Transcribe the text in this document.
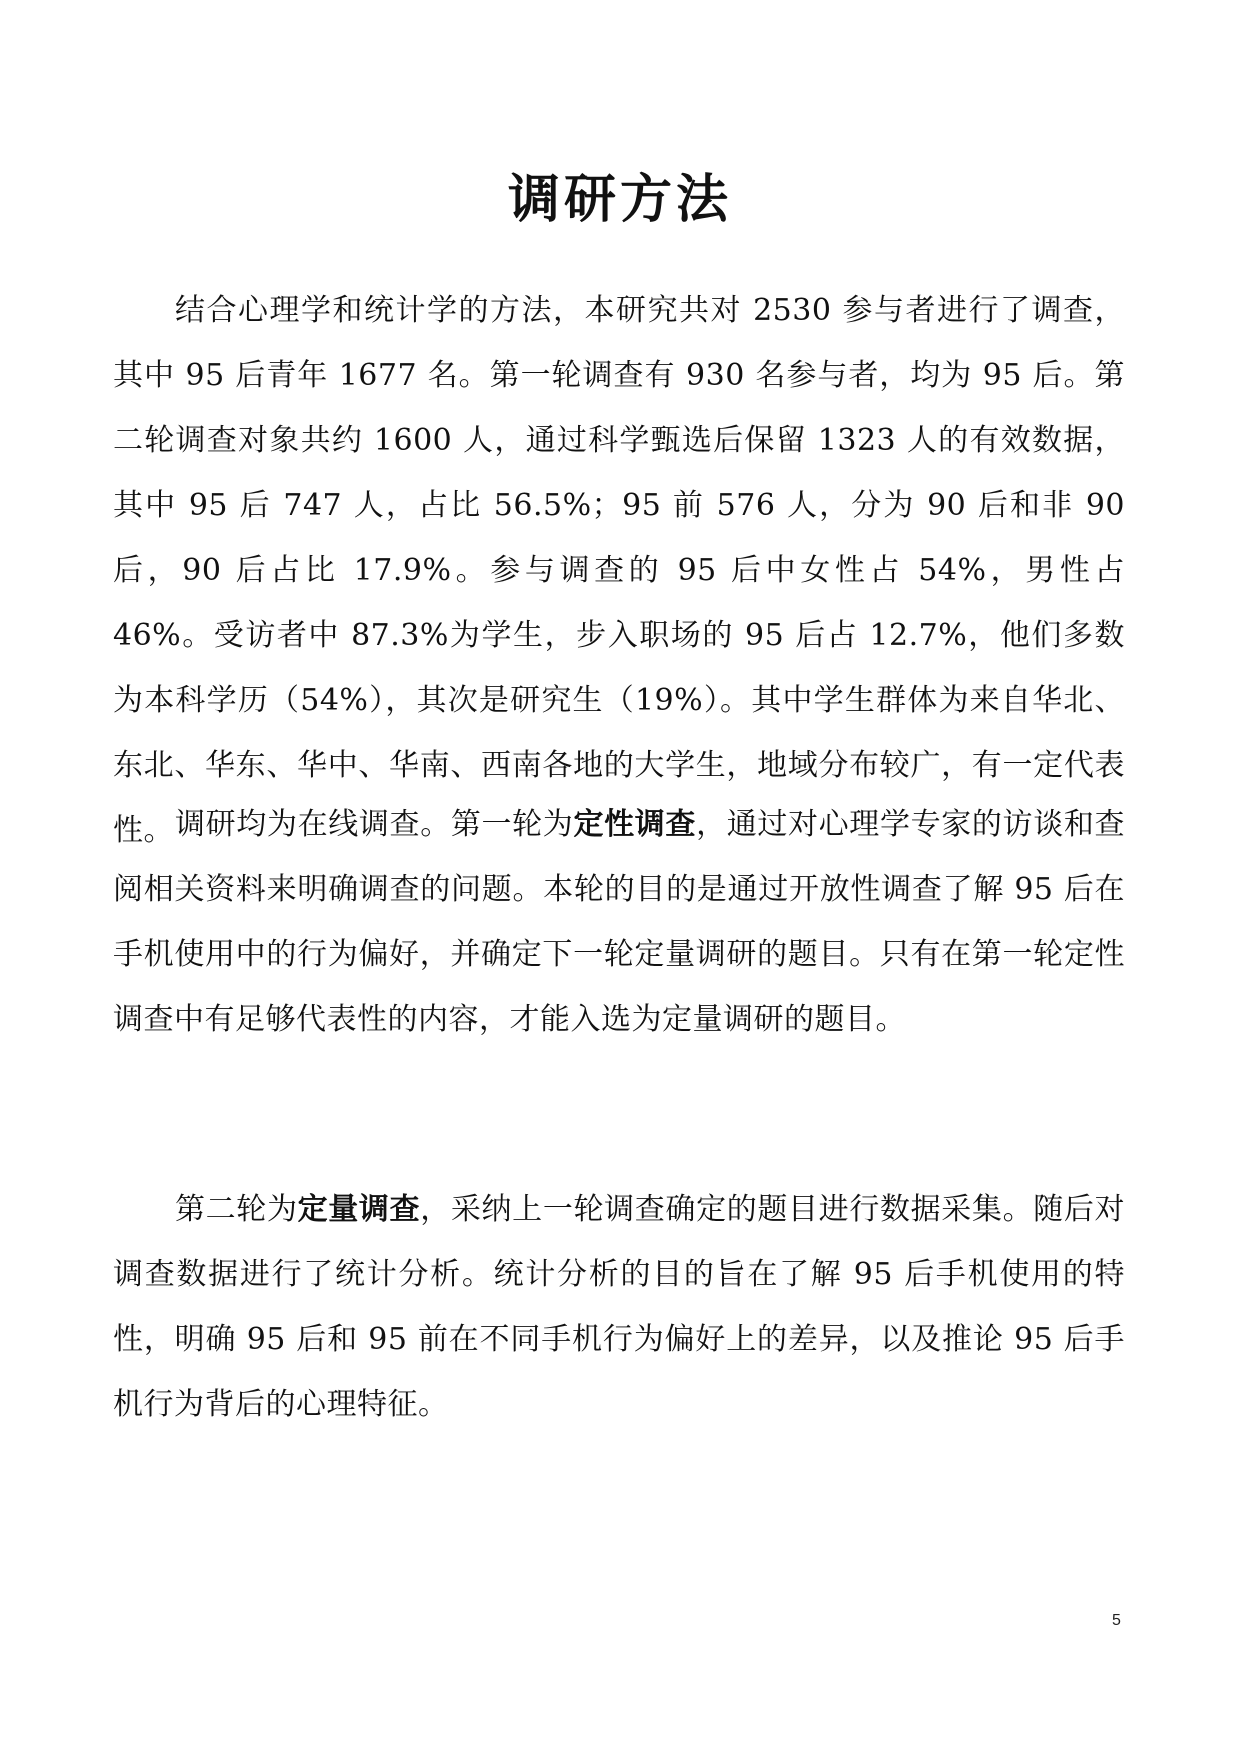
调研方法

结合心理学和统计学的方法，本研究共对 2530 参与者进行了调查，其中 95 后青年 1677 名。第一轮调查有 930 名参与者，均为 95 后。第二轮调查对象共约 1600 人，通过科学甄选后保留 1323 人的有效数据，其中 95 后 747 人，占比 56.5%；95 前 576 人，分为 90 后和非 90 后，90 后占比 17.9%。参与调查的 95 后中女性占 54%，男性占 46%。受访者中 87.3%为学生，步入职场的 95 后占 12.7%，他们多数为本科学历（54%），其次是研究生（19%）。其中学生群体为来自华北、东北、华东、华中、华南、西南各地的大学生，地域分布较广，有一定代表性。 调研均为在线调查。第一轮为定性调查，通过对心理学专家的访谈和查阅相关资料来明确调查的问题。本轮的目的是通过开放性调查了解 95 后在手机使用中的行为偏好，并确定下一轮定量调研的题目。只有在第一轮定性调查中有足够代表性的内容，才能入选为定量调研的题目。

第二轮为定量调查，采纳上一轮调查确定的题目进行数据采集。随后对调查数据进行了统计分析。统计分析的目的旨在了解 95 后手机使用的特性，明确 95 后和 95 前在不同手机行为偏好上的差异，以及推论 95 后手机行为背后的心理特征。

5
